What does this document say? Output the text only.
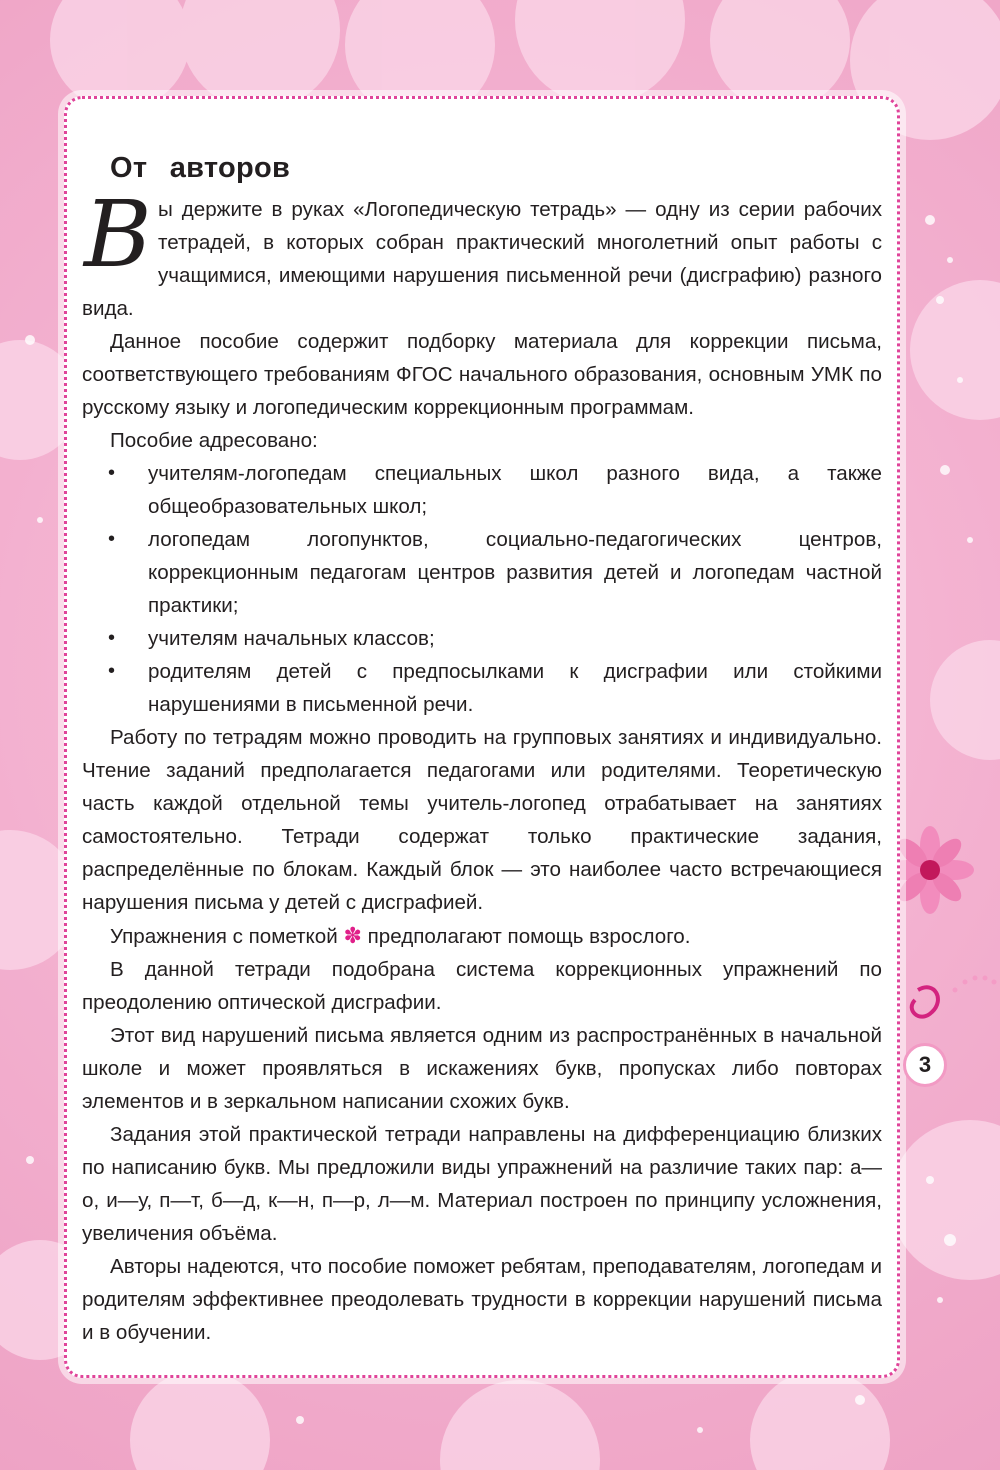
От авторов

Вы держите в руках «Логопедическую тетрадь» — одну из серии рабочих тетрадей, в которых собран практический многолетний опыт работы с учащимися, имеющими нарушения письменной речи (дисграфию) разного вида.

Данное пособие содержит подборку материала для коррекции письма, соответствующего требованиям ФГОС начального образования, основным УМК по русскому языку и логопедическим коррекционным программам.

Пособие адресовано:

• учителям-логопедам специальных школ разного вида, а также общеобразовательных школ;
• логопедам логопунктов, социально-педагогических центров, коррекционным педагогам центров развития детей и логопедам частной практики;
• учителям начальных классов;
• родителям детей с предпосылками к дисграфии или стойкими нарушениями в письменной речи.

Работу по тетрадям можно проводить на групповых занятиях и индивидуально. Чтение заданий предполагается педагогами или родителями. Теоретическую часть каждой отдельной темы учитель-логопед отрабатывает на занятиях самостоятельно. Тетради содержат только практические задания, распределённые по блокам. Каждый блок — это наиболее часто встречающиеся нарушения письма у детей с дисграфией.

Упражнения с пометкой ✽ предполагают помощь взрослого.

В данной тетради подобрана система коррекционных упражнений по преодолению оптической дисграфии.

Этот вид нарушений письма является одним из распространённых в начальной школе и может проявляться в искажениях букв, пропусках либо повторах элементов и в зеркальном написании схожих букв.

Задания этой практической тетради направлены на дифференциацию близких по написанию букв. Мы предложили виды упражнений на различие таких пар: а—о, и—у, п—т, б—д, к—н, п—р, л—м. Материал построен по принципу усложнения, увеличения объёма.

Авторы надеются, что пособие поможет ребятам, преподавателям, логопедам и родителям эффективнее преодолевать трудности в коррекции нарушений письма и в обучении.

3
